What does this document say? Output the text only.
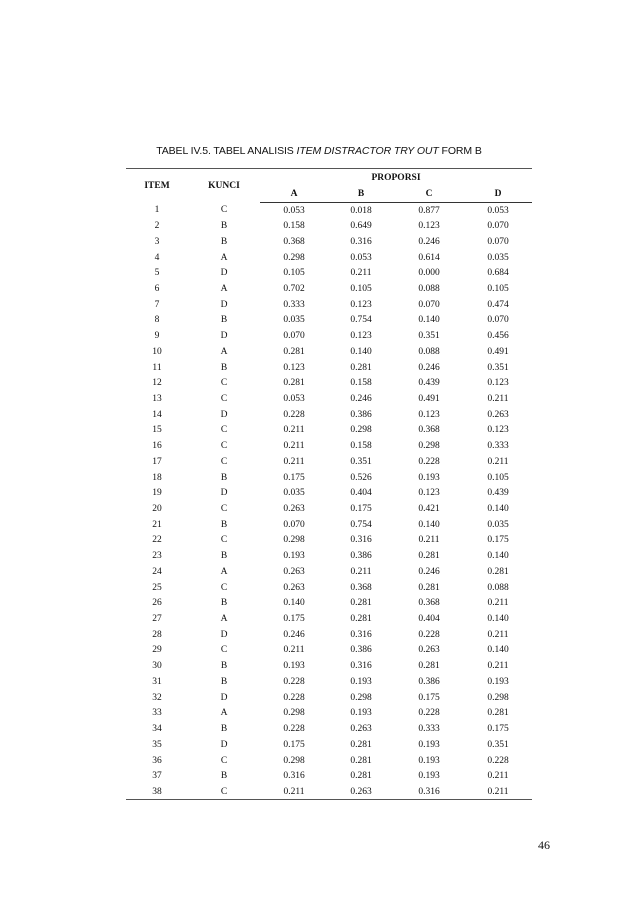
TABEL IV.5. TABEL ANALISIS ITEM DISTRACTOR TRY OUT FORM B
ITEM	KUNCI	PROPORSI			
		A	B	C	D
1	C	0.053	0.018	0.877	0.053
2	B	0.158	0.649	0.123	0.070
3	B	0.368	0.316	0.246	0.070
4	A	0.298	0.053	0.614	0.035
5	D	0.105	0.211	0.000	0.684
6	A	0.702	0.105	0.088	0.105
7	D	0.333	0.123	0.070	0.474
8	B	0.035	0.754	0.140	0.070
9	D	0.070	0.123	0.351	0.456
10	A	0.281	0.140	0.088	0.491
11	B	0.123	0.281	0.246	0.351
12	C	0.281	0.158	0.439	0.123
13	C	0.053	0.246	0.491	0.211
14	D	0.228	0.386	0.123	0.263
15	C	0.211	0.298	0.368	0.123
16	C	0.211	0.158	0.298	0.333
17	C	0.211	0.351	0.228	0.211
18	B	0.175	0.526	0.193	0.105
19	D	0.035	0.404	0.123	0.439
20	C	0.263	0.175	0.421	0.140
21	B	0.070	0.754	0.140	0.035
22	C	0.298	0.316	0.211	0.175
23	B	0.193	0.386	0.281	0.140
24	A	0.263	0.211	0.246	0.281
25	C	0.263	0.368	0.281	0.088
26	B	0.140	0.281	0.368	0.211
27	A	0.175	0.281	0.404	0.140
28	D	0.246	0.316	0.228	0.211
29	C	0.211	0.386	0.263	0.140
30	B	0.193	0.316	0.281	0.211
31	B	0.228	0.193	0.386	0.193
32	D	0.228	0.298	0.175	0.298
33	A	0.298	0.193	0.228	0.281
34	B	0.228	0.263	0.333	0.175
35	D	0.175	0.281	0.193	0.351
36	C	0.298	0.281	0.193	0.228
37	B	0.316	0.281	0.193	0.211
38	C	0.211	0.263	0.316	0.211
46
